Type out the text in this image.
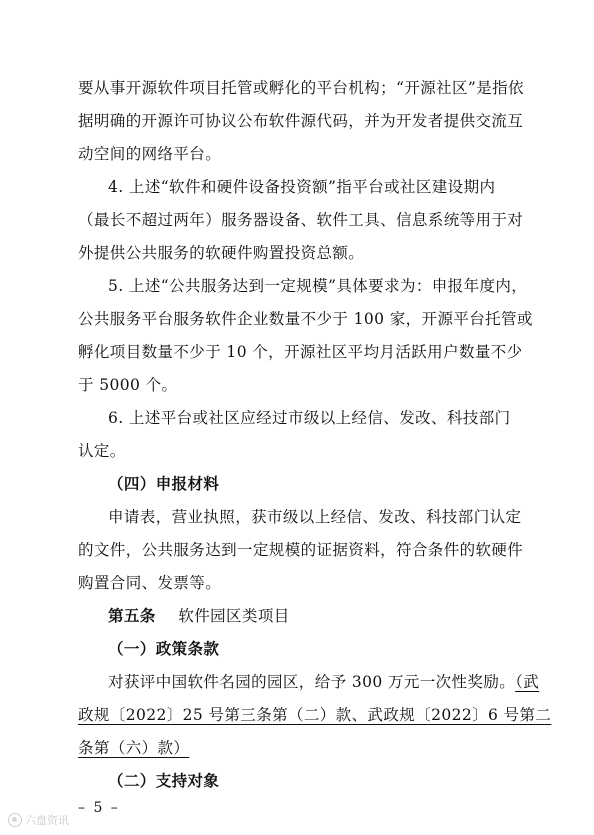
要从事开源软件项目托管或孵化的平台机构；“开源社区”是指依
据明确的开源许可协议公布软件源代码，并为开发者提供交流互
动空间的网络平台。
4. 上述“软件和硬件设备投资额”指平台或社区建设期内
（最长不超过两年）服务器设备、软件工具、信息系统等用于对
外提供公共服务的软硬件购置投资总额。
5. 上述“公共服务达到一定规模”具体要求为：申报年度内，
公共服务平台服务软件企业数量不少于 100 家，开源平台托管或
孵化项目数量不少于 10 个，开源社区平均月活跃用户数量不少
于 5000 个。
6. 上述平台或社区应经过市级以上经信、发改、科技部门
认定。
（四）申报材料
申请表，营业执照，获市级以上经信、发改、科技部门认定
的文件，公共服务达到一定规模的证据资料，符合条件的软硬件
购置合同、发票等。
第五条 软件园区类项目
（一）政策条款
对获评中国软件名园的园区，给予 300 万元一次性奖励。（武
政规〔2022〕25 号第三条第（二）款、武政规〔2022〕6 号第二
条第（六）款）
（二）支持对象
– 5 –
六盘资讯
